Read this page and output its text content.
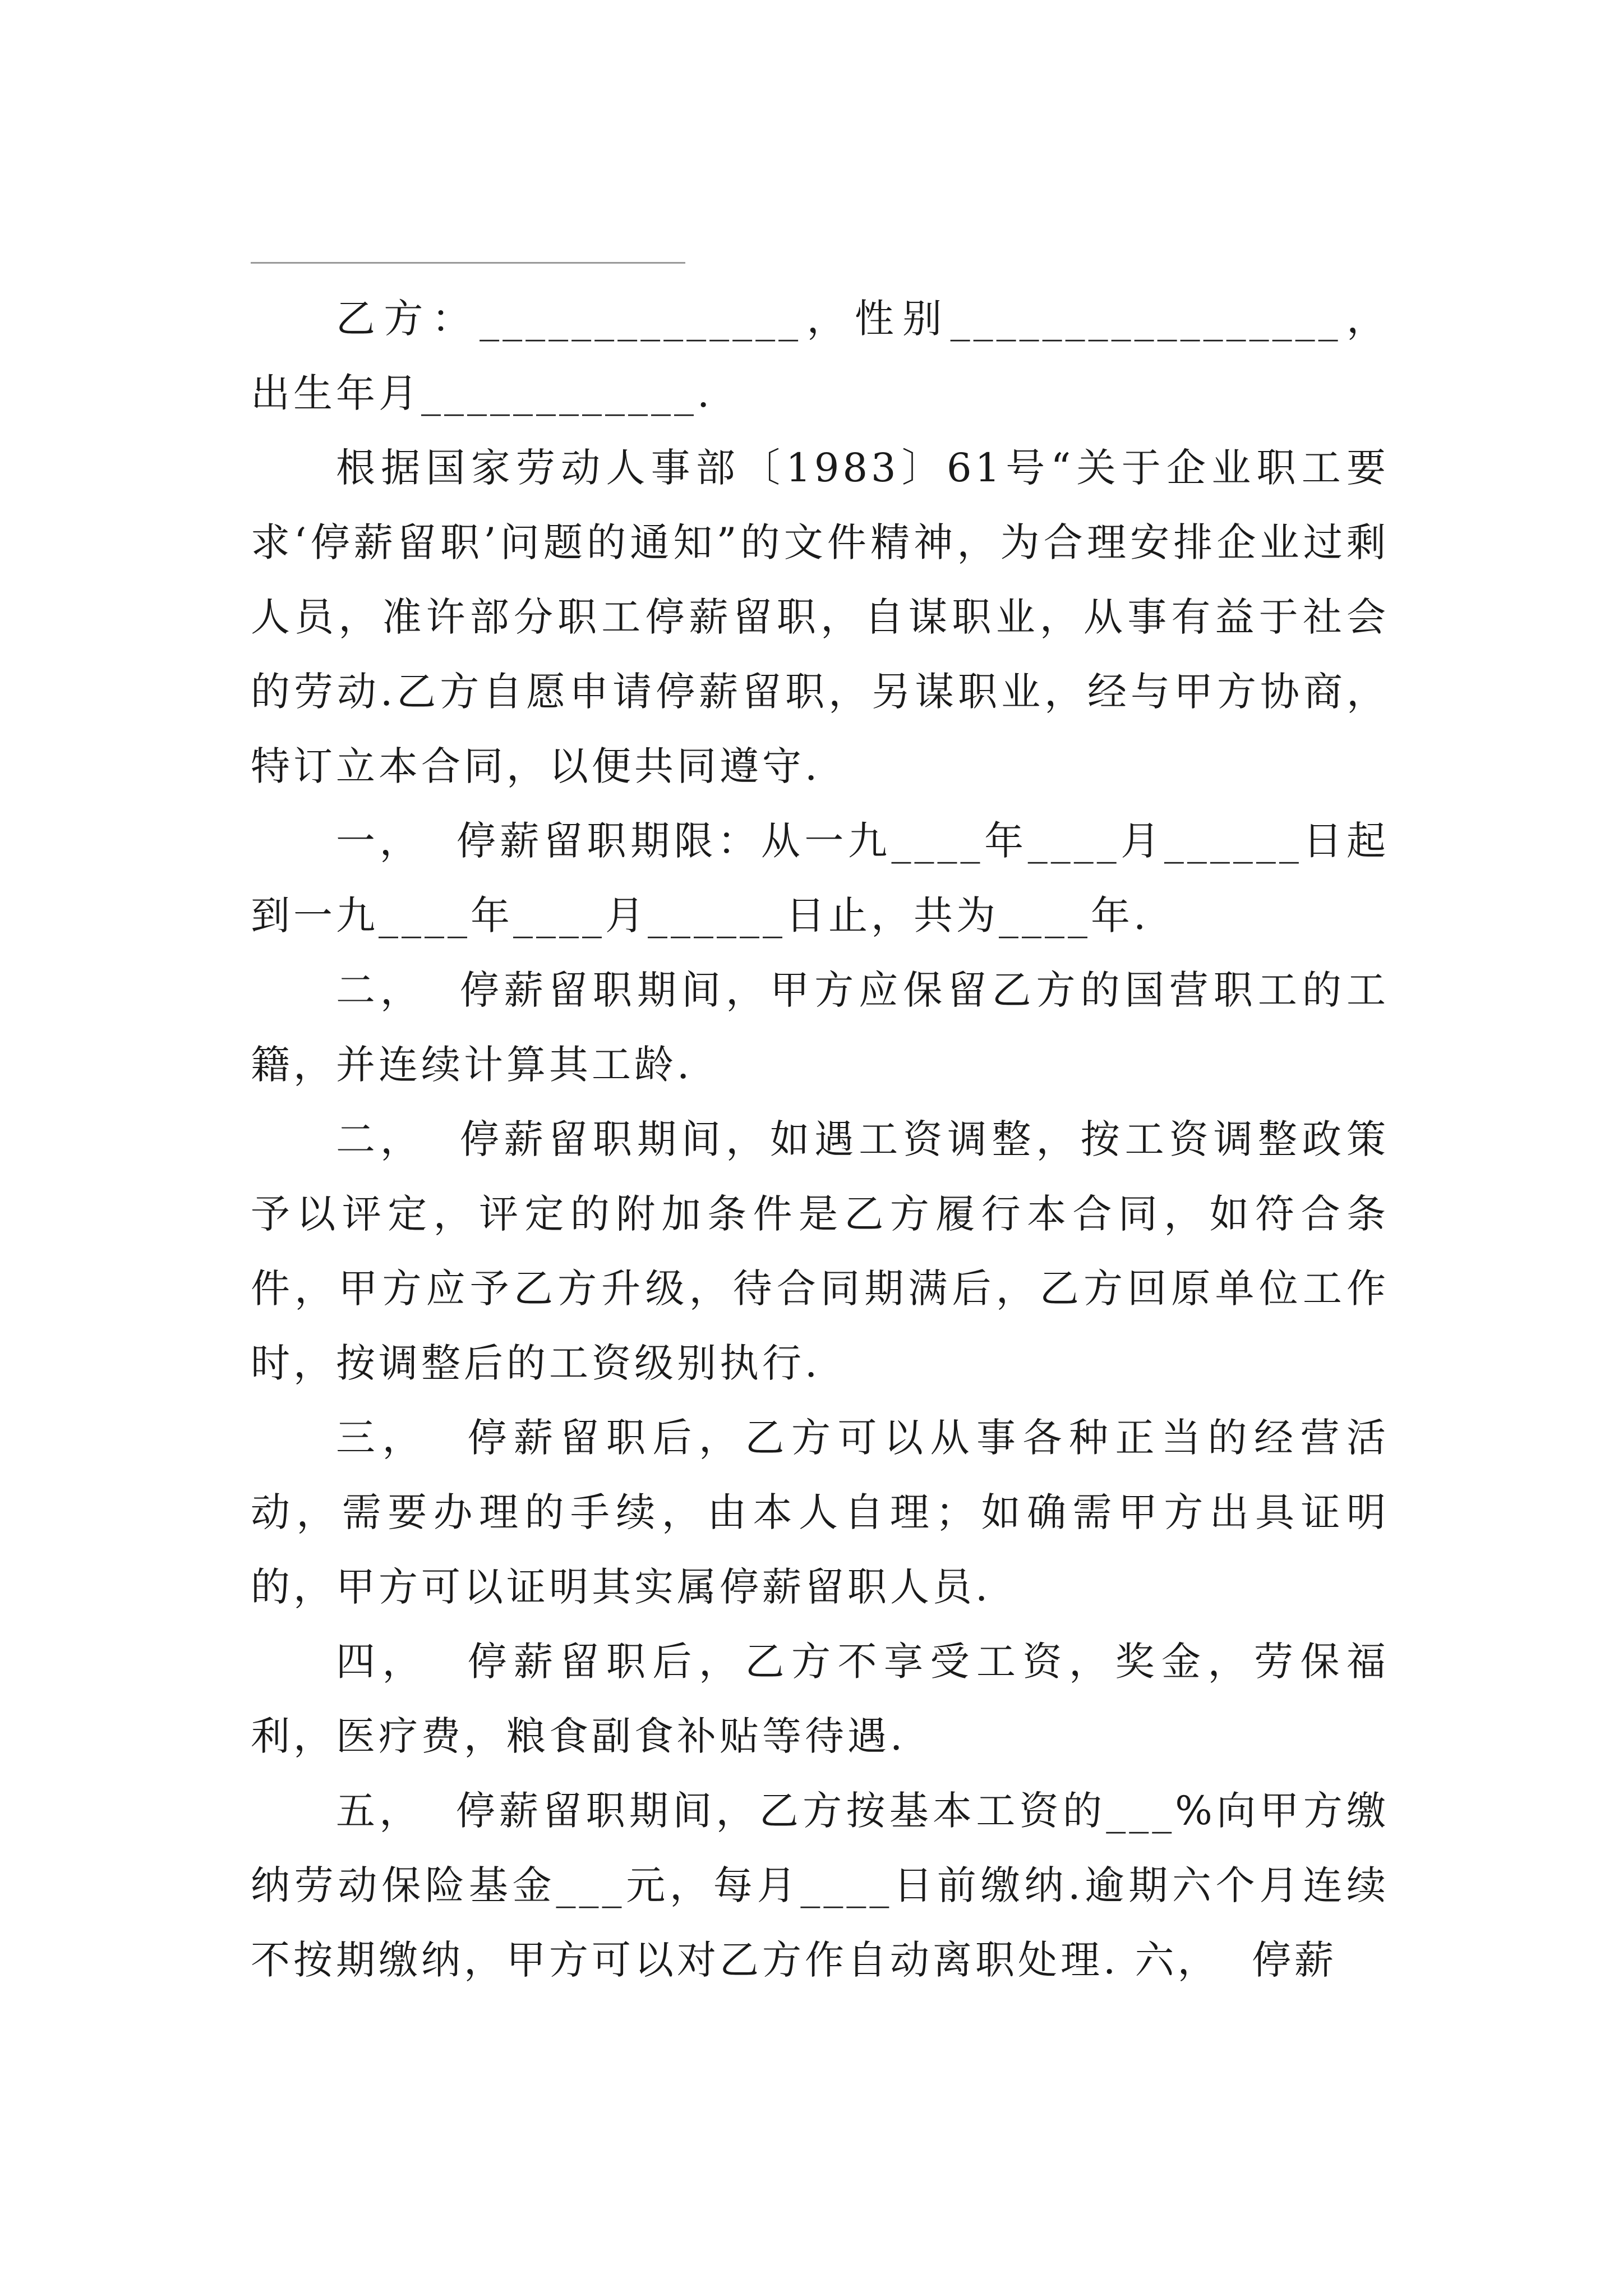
乙方：______________，性别_________________，出生年月____________.

根据国家劳动人事部〔1983〕61号“关于企业职工要求‘停薪留职’问题的通知”的文件精神，为合理安排企业过剩人员，准许部分职工停薪留职，自谋职业，从事有益于社会的劳动.乙方自愿申请停薪留职，另谋职业，经与甲方协商，特订立本合同，以便共同遵守.

一，  停薪留职期限：从一九____年____月______日起到一九____年____月______日止，共为____年.

二，  停薪留职期间，甲方应保留乙方的国营职工的工籍，并连续计算其工龄.

二，  停薪留职期间，如遇工资调整，按工资调整政策予以评定，评定的附加条件是乙方履行本合同，如符合条件，甲方应予乙方升级，待合同期满后，乙方回原单位工作时，按调整后的工资级别执行.

三，  停薪留职后，乙方可以从事各种正当的经营活动，需要办理的手续，由本人自理；如确需甲方出具证明的，甲方可以证明其实属停薪留职人员.

四，  停薪留职后，乙方不享受工资，奖金，劳保福利，医疗费，粮食副食补贴等待遇.

五，  停薪留职期间，乙方按基本工资的___%向甲方缴纳劳动保险基金___元，每月____日前缴纳.逾期六个月连续不按期缴纳，甲方可以对乙方作自动离职处理. 六，  停薪
